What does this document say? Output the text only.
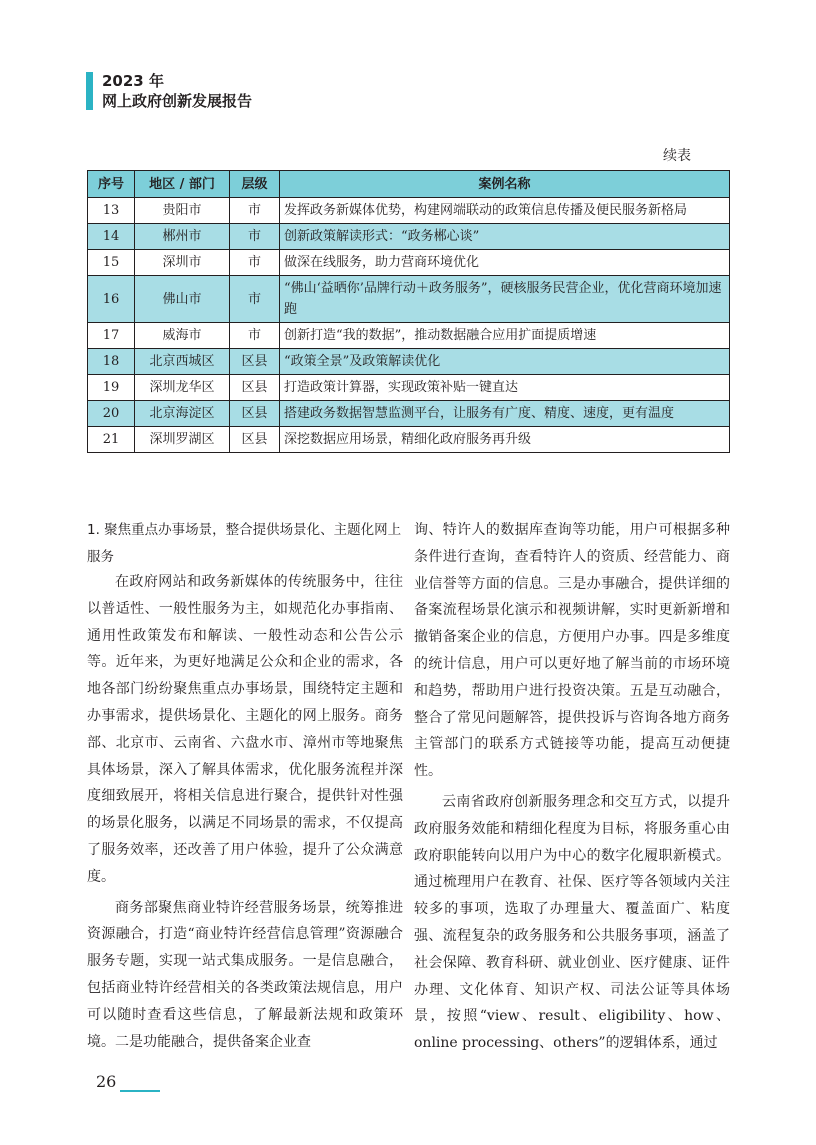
2023 年
网上政府创新发展报告
续表
序号	地区 / 部门	层级	案例名称
13	贵阳市	市	发挥政务新媒体优势，构建网端联动的政策信息传播及便民服务新格局
14	郴州市	市	创新政策解读形式：“政务郴心谈”
15	深圳市	市	做深在线服务，助力营商环境优化
16	佛山市	市	“佛山‘益晒你’品牌行动＋政务服务”，硬核服务民营企业，优化营商环境加速跑
17	威海市	市	创新打造“我的数据”，推动数据融合应用扩面提质增速
18	北京西城区	区县	“政策全景”及政策解读优化
19	深圳龙华区	区县	打造政策计算器，实现政策补贴一键直达
20	北京海淀区	区县	搭建政务数据智慧监测平台，让服务有广度、精度、速度，更有温度
21	深圳罗湖区	区县	深挖数据应用场景，精细化政府服务再升级
1. 聚焦重点办事场景，整合提供场景化、主题化网上服务

在政府网站和政务新媒体的传统服务中，往往以普适性、一般性服务为主，如规范化办事指南、通用性政策发布和解读、一般性动态和公告公示等。近年来，为更好地满足公众和企业的需求，各地各部门纷纷聚焦重点办事场景，围绕特定主题和办事需求，提供场景化、主题化的网上服务。商务部、北京市、云南省、六盘水市、漳州市等地聚焦具体场景，深入了解具体需求，优化服务流程并深度细致展开，将相关信息进行聚合，提供针对性强的场景化服务，以满足不同场景的需求，不仅提高了服务效率，还改善了用户体验，提升了公众满意度。

商务部聚焦商业特许经营服务场景，统筹推进资源融合，打造“商业特许经营信息管理”资源融合服务专题，实现一站式集成服务。一是信息融合，包括商业特许经营相关的各类政策法规信息，用户可以随时查看这些信息，了解最新法规和政策环境。二是功能融合，提供备案企业查

询、特许人的数据库查询等功能，用户可根据多种条件进行查询，查看特许人的资质、经营能力、商业信誉等方面的信息。三是办事融合，提供详细的备案流程场景化演示和视频讲解，实时更新新增和撤销备案企业的信息，方便用户办事。四是多维度的统计信息，用户可以更好地了解当前的市场环境和趋势，帮助用户进行投资决策。五是互动融合，整合了常见问题解答，提供投诉与咨询各地方商务主管部门的联系方式链接等功能，提高互动便捷性。

云南省政府创新服务理念和交互方式，以提升政府服务效能和精细化程度为目标，将服务重心由政府职能转向以用户为中心的数字化履职新模式。通过梳理用户在教育、社保、医疗等各领域内关注较多的事项，选取了办理量大、覆盖面广、粘度强、流程复杂的政务服务和公共服务事项，涵盖了社会保障、教育科研、就业创业、医疗健康、证件办理、文化体育、知识产权、司法公证等具体场景，按照“view、result、eligibility、how、online processing、others”的逻辑体系，通过

26
